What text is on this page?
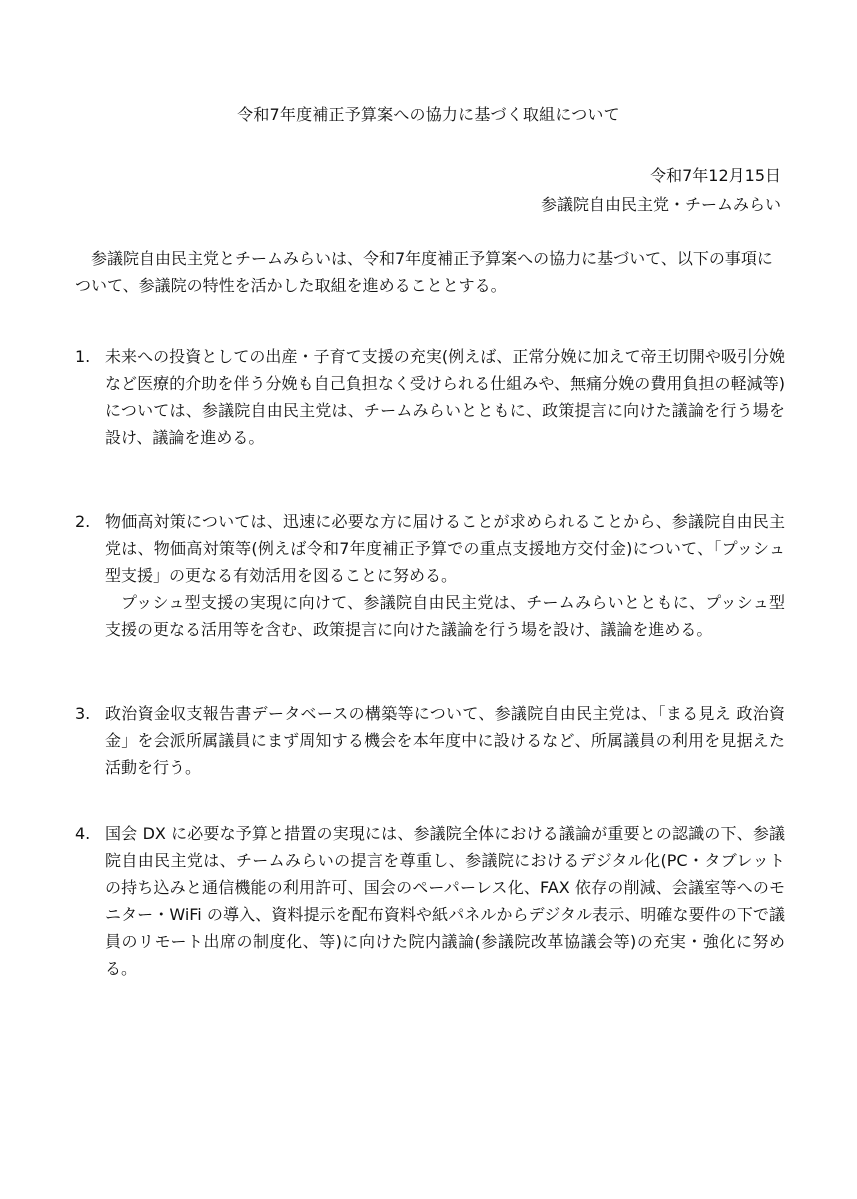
令和7年度補正予算案への協力に基づく取組について
令和7年12月15日
参議院自由民主党・チームみらい
参議院自由民主党とチームみらいは、令和7年度補正予算案への協力に基づいて、以下の事項について、参議院の特性を活かした取組を進めることとする。
1. 未来への投資としての出産・子育て支援の充実(例えば、正常分娩に加えて帝王切開や吸引分娩など医療的介助を伴う分娩も自己負担なく受けられる仕組みや、無痛分娩の費用負担の軽減等)については、参議院自由民主党は、チームみらいとともに、政策提言に向けた議論を行う場を設け、議論を進める。
2. 物価高対策については、迅速に必要な方に届けることが求められることから、参議院自由民主党は、物価高対策等(例えば令和7年度補正予算での重点支援地方交付金)について、「プッシュ型支援」の更なる有効活用を図ることに努める。
プッシュ型支援の実現に向けて、参議院自由民主党は、チームみらいとともに、プッシュ型支援の更なる活用等を含む、政策提言に向けた議論を行う場を設け、議論を進める。
3. 政治資金収支報告書データベースの構築等について、参議院自由民主党は、「まる見え 政治資金」を会派所属議員にまず周知する機会を本年度中に設けるなど、所属議員の利用を見据えた活動を行う。
4. 国会 DX に必要な予算と措置の実現には、参議院全体における議論が重要との認識の下、参議院自由民主党は、チームみらいの提言を尊重し、参議院におけるデジタル化(PC・タブレットの持ち込みと通信機能の利用許可、国会のペーパーレス化、FAX 依存の削減、会議室等へのモニター・WiFi の導入、資料提示を配布資料や紙パネルからデジタル表示、明確な要件の下で議員のリモート出席の制度化、等)に向けた院内議論(参議院改革協議会等)の充実・強化に努める。
